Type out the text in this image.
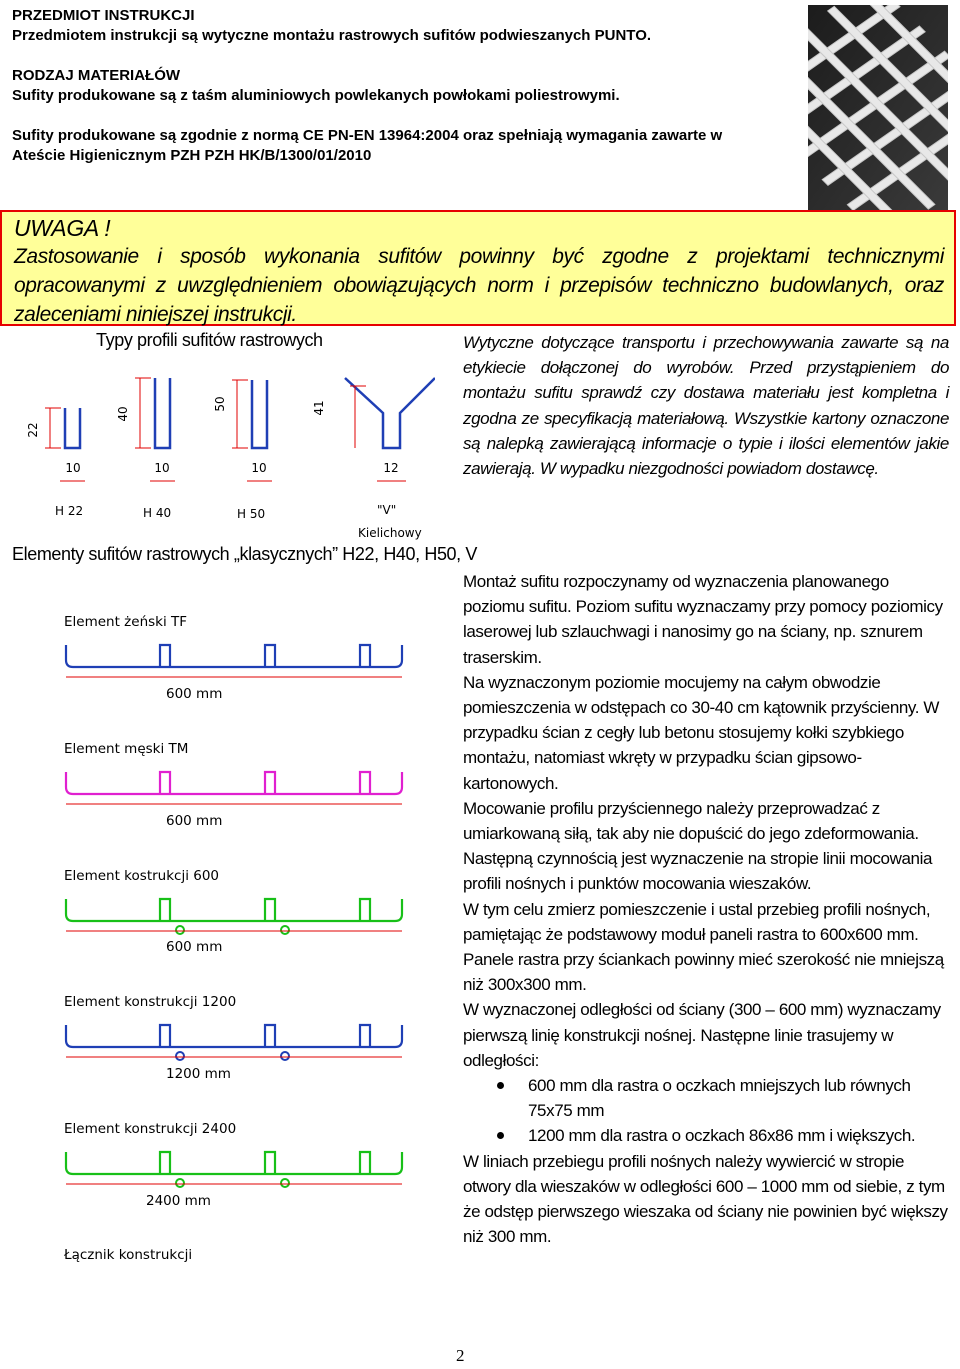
PRZEDMIOT INSTRUKCJI

Przedmiotem instrukcji są wytyczne montażu rastrowych sufitów podwieszanych PUNTO.

RODZAJ MATERIAŁÓW

Sufity produkowane są z taśm aluminiowych powlekanych powłokami poliestrowymi.

Sufity produkowane są zgodnie z normą CE PN-EN 13964:2004 oraz spełniają wymagania zawarte w

Ateście Higienicznym PZH PZH HK/B/1300/01/2010

UWAGA !

Zastosowanie i sposób wykonania sufitów powinny być zgodne z projektami technicznymi
opracowanymi z uwzględnieniem obowiązujących norm i przepisów techniczno budowlanych, oraz
zaleceniami niniejszej instrukcji.
Typy profili sufitów rastrowych
22
40
50	41
10	10	10	12
H 22	H 40	H 50	"V"
Kielichowy
Elementy sufitów rastrowych „klasycznych” H22, H40, H50, V
Element żeński TF
Element męski TM
Element kostrukcji 600
Element konstrukcji 1200
Element konstrukcji 2400
Łącznik konstrukcji
600 mm
600 mm
600 mm
1200 mm
2400 mm

Wytyczne dotyczące transportu i przechowywania zawarte są na etykiecie dołączonej do wyrobów. Przed przystąpieniem do montażu sufitu sprawdź czy dostawa materiału jest kompletna i zgodna ze specyfikacją materiałową. Wszystkie kartony oznaczone są nalepką zawierającą informacje o typie i ilości elementów jakie zawierają. W wypadku niezgodności powiadom dostawcę.

Montaż sufitu rozpoczynamy od wyznaczenia planowanego poziomu sufitu. Poziom sufitu wyznaczamy przy pomocy poziomicy laserowej lub szlauchwagi i nanosimy go na ściany, np. sznurem traserskim.

Na wyznaczonym poziomie mocujemy na całym obwodzie pomieszczenia w odstępach co 30-40 cm kątownik przyścienny. W przypadku ścian z cegły lub betonu stosujemy kołki szybkiego montażu, natomiast wkręty w przypadku ścian gipsowo-kartonowych.

Mocowanie profilu przyściennego należy przeprowadzać z umiarkowaną siłą, tak aby nie dopuścić do jego zdeformowania.

Następną czynnością jest wyznaczenie na stropie linii mocowania profili nośnych i punktów mocowania wieszaków.

W tym celu zmierz pomieszczenie i ustal przebieg profili nośnych, pamiętając że podstawowy moduł paneli rastra to 600x600 mm. Panele rastra przy ściankach powinny mieć szerokość nie mniejszą niż 300x300 mm.

W wyznaczonej odległości od ściany (300 – 600 mm) wyznaczamy pierwszą linię konstrukcji nośnej. Następne linie trasujemy w odległości:

600 mm dla rastra o oczkach mniejszych lub równych 75x75 mm
1200 mm dla rastra o oczkach 86x86 mm i większych.

W liniach przebiegu profili nośnych należy wywiercić w stropie otwory dla wieszaków w odległości 600 – 1000 mm od siebie, z tym że odstęp pierwszego wieszaka od ściany nie powinien być większy niż 300 mm.

2
